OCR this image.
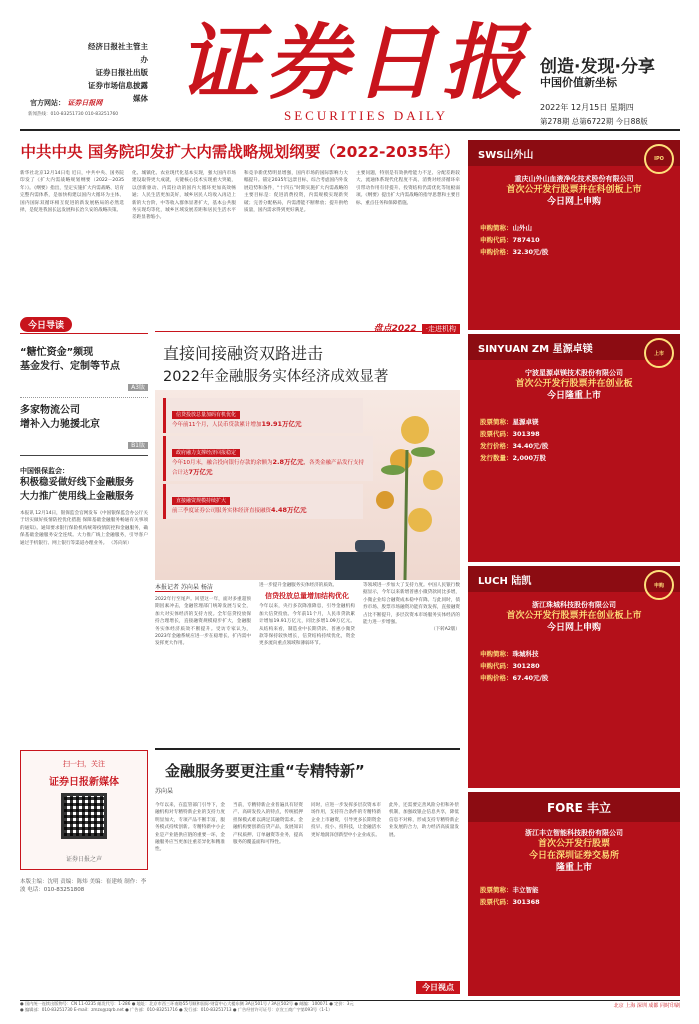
经济日报社主管主办
证券日报社出版
证券市场信息披露媒体
官方网站： 证券日报网
新闻热线：010-83251730 010-83251760
证券日报
SECURITIES DAILY
创造·发现·分享
中国价值新坐标
2022年 12月15日 星期四
第278期 总第6722期 今日88版
中共中央 国务院印发扩大内需战略规划纲要（2022-2035年）
新华社北京12月14日电 近日，中共中央、国务院印发了《扩大内需战略规划纲要（2022－2035年）》。《纲要》指出，坚定实施扩大内需战略、培育完整内需体系，是加快构建以国内大循环为主体、国内国际双循环相互促进的新发展格局的必然选择，是促进我国长远发展和长治久安的战略决策。
化、城镇化、农业现代化基本实现，强大国内市场建设取得更大成就，关键核心技术实现重大突破，以创新驱动、内需拉动的国内大循环更加高效畅通；人民生活更加美好，城乡居民人均收入再迈上新的大台阶，中等收入群体显著扩大，基本公共服务实现均等化，城乡区域发展差距和居民生活水平差距显著缩小。
和竞争新优势明显增强，国内市场的国际影响力大幅提升。锚定2035年远景目标，综合考虑国内外发展趋势和条件，“十四五”时期实施扩大内需战略的主要目标是：促进消费投资，内需规模实现新突破；完善分配格局，内需潜能不断释放；提升供给质量，国内需求得到更好满足。
主要问题，特别是有效供给能力不足、分配差距较大、流通体系现代化程度不高、消费对经济循环牵引带动作用有待提升、投资结构仍需优化等短板弱项。《纲要》提出扩大内需战略的指导思想和主要目标、重点任务和保障措施。
今日导读
“糖忙资金”频现
基金发行、定制等节点
A3版
多家物流公司
增补入力驰援北京
B1版
中国银保监会：
积极稳妥做好线下金融服务
大力推广使用线上金融服务
本报讯 12月14日，银保监会官网发布《中国银保监会办公厅关于切实做好疫情防控优化措施 保障基础金融服务畅通有关事项的通知》。通知要求银行保险机构统筹疫情防控和金融服务，确保基础金融服务安全连续。大力推广线上金融服务，引导客户通过手机银行、网上银行等渠道办理业务。 （苏向杲）
扫一扫，关注
证券日报新媒体
证券日报之声
本版主编：沈明 责编：陈炜 美编：崔建岐 制作：李波 电话：010-83251808
盘点2022 ·走进机构
直接间接融资双路进击
2022年金融服务实体经济成效显著
信贷投放总量加码有机优化
今年前11个月，人民币贷款累计增加19.91万亿元
政府融力支撑经济回报稳定
今年10月末，融合投向银行存款的余额为2.8万亿元，各类金融产品发行支持合计达7万亿元
直接融资规模持续扩大
前三季度证券公司服务实体经济直接融资4.48万亿元
本报记者 苏向杲 杨洁
2022年行至尾声。回望这一年，面对多重超预期因素冲击，金融管理部门统筹发展与安全，加大对实体经济的支持力度。全年信贷投放保持合理增长，直接融资规模稳步扩大，金融服务实体经济质效不断提升。受访专家认为，2023年金融系统应进一步在稳增长、扩内需中发挥更大作用。
进一步提升金融服务实体经济的质效。
信贷投放总量增加结构优化
今年以来，央行多次降准降息，引导金融机构加大信贷投放。今年前11个月，人民币贷款累计增加19.91万亿元，同比多增1.09万亿元。从结构来看，制造业中长期贷款、普惠小微贷款等保持较快增长，信贷结构持续优化，资金更多流向重点领域和薄弱环节。
等领域进一步加大了支持力度。中国人民银行数据显示，今年以来新增普惠小微贷款同比多增，小微企业综合融资成本稳中有降。与此同时，债券市场、股票市场融资功能有效发挥，直接融资占比不断提升，多层次资本市场服务实体经济的能力进一步增强。
（下转A2版）
金融服务要更注重“专精特新”
苏向杲
今年以来，在监管部门引导下，金融机构对专精特新企业的支持力度明显加大，专项产品不断丰富，服务模式持续创新。专精特新中小企业是产业链供应链的重要一环，金融服务应当更加注重差异化和精准性。
当前，专精特新企业普遍具有轻资产、高研发投入的特点，传统抵押担保模式难以满足其融资需求。金融机构要创新信贷产品，发展知识产权质押、订单融资等业务，提高服务的覆盖面和可得性。
同时，应进一步发挥多层次资本市场作用，支持符合条件的专精特新企业上市融资，引导更多长期资金投早、投小、投科技，让金融活水更好地润泽创新型中小企业成长。
此外，还需要完善风险分担和补偿机制，加强政银企信息共享，降低信息不对称，形成支持专精特新企业发展的合力，助力经济高质量发展。
今日视点
SWS山外山	IPO
重庆山外山血液净化技术股份有限公司
首次公开发行股票并在科创板上市
今日网上申购
申购简称：山外山
申购代码：787410
申购价格：32.30元/股
SINYUAN ZM 星源卓镁	上市
宁波星源卓镁技术股份有限公司
首次公开发行股票并在创业板
今日隆重上市
股票简称：星源卓镁
股票代码：301398
发行价格：34.40元/股
发行数量：2,000万股
LUCH 陆凯	申购
浙江珠城科技股份有限公司
首次公开发行股票并在创业板上市
今日网上申购
申购简称：珠城科技
申购代码：301280
申购价格：67.40元/股
FORE 丰立
浙江丰立智能科技股份有限公司
首次公开发行股票
今日在深圳证券交易所
隆重上市
股票简称：丰立智能
股票代码：301368
● 国内统一连续出版物号：CN 11-0235 邮发代号：1-286 ● 地址：北京市西三环南路55号顺和国际·财富中心大楼东侧 3A区501号 / 3A区502号 ● 邮编：100071 ● 定价：3元
● 编辑部：010-83251730 E-mail：zmzx@zqrb.net ● 广告部：010-83251716 ● 发行部：010-83251713 ● 广告经营许可证号：京宣工商广字第093号（1-1）
北京 上海 深圳 成都 同时印刷
